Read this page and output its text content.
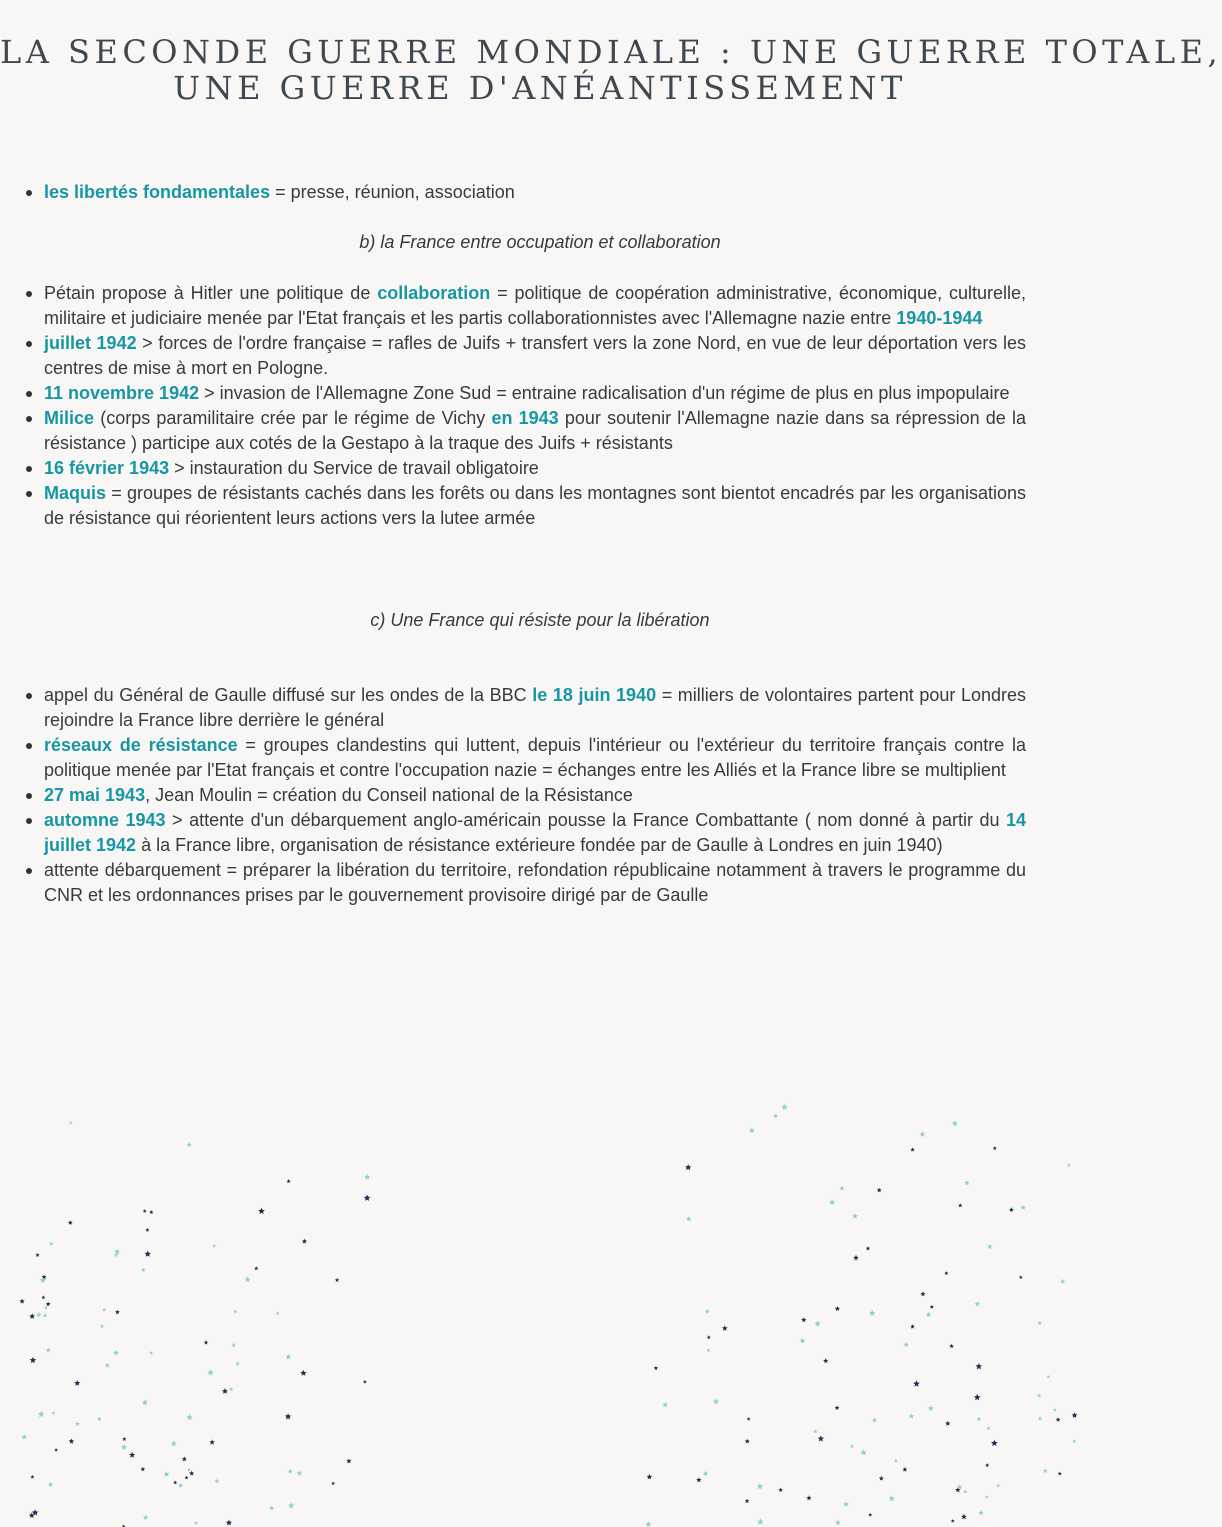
LA SECONDE GUERRE MONDIALE : UNE GUERRE TOTALE,
UNE GUERRE D'ANÉANTISSEMENT
les libertés fondamentales = presse, réunion, association
b) la France entre occupation et collaboration
Pétain propose à Hitler une politique de collaboration = politique de coopération administrative, économique, culturelle, militaire et judiciaire menée par l'Etat français et les partis collaborationnistes avec l'Allemagne nazie entre 1940-1944
juillet 1942 > forces de l'ordre française = rafles de Juifs + transfert vers la zone Nord, en vue de leur déportation vers les centres de mise à mort en Pologne.
11 novembre 1942 > invasion de l'Allemagne Zone Sud = entraine radicalisation d'un régime de plus en plus impopulaire
Milice (corps paramilitaire crée par le régime de Vichy en 1943 pour soutenir l'Allemagne nazie dans sa répression de la résistance ) participe aux cotés de la Gestapo à la traque des Juifs + résistants
16 février 1943 > instauration du Service de travail obligatoire
Maquis = groupes de résistants cachés dans les forêts ou dans les montagnes sont bientot encadrés par les organisations de résistance qui réorientent leurs actions vers la lutee armée
c) Une France qui résiste pour la libération
appel du Général de Gaulle diffusé sur les ondes de la BBC le 18 juin 1940 = milliers de volontaires partent pour Londres rejoindre la France libre derrière le général
réseaux de résistance = groupes clandestins qui luttent, depuis l'intérieur ou l'extérieur du territoire français contre la politique menée par l'Etat français et contre l'occupation nazie = échanges entre les Alliés et la France libre se multiplient
27 mai 1943, Jean Moulin = création du Conseil national de la Résistance
automne 1943 > attente d'un débarquement anglo-américain pousse la France Combattante ( nom donné à partir du 14 juillet 1942 à la France libre, organisation de résistance extérieure fondée par de Gaulle à Londres en juin 1940)
attente débarquement = préparer la libération du territoire, refondation républicaine notamment à travers le programme du CNR et les ordonnances prises par le gouvernement provisoire dirigé par de Gaulle
